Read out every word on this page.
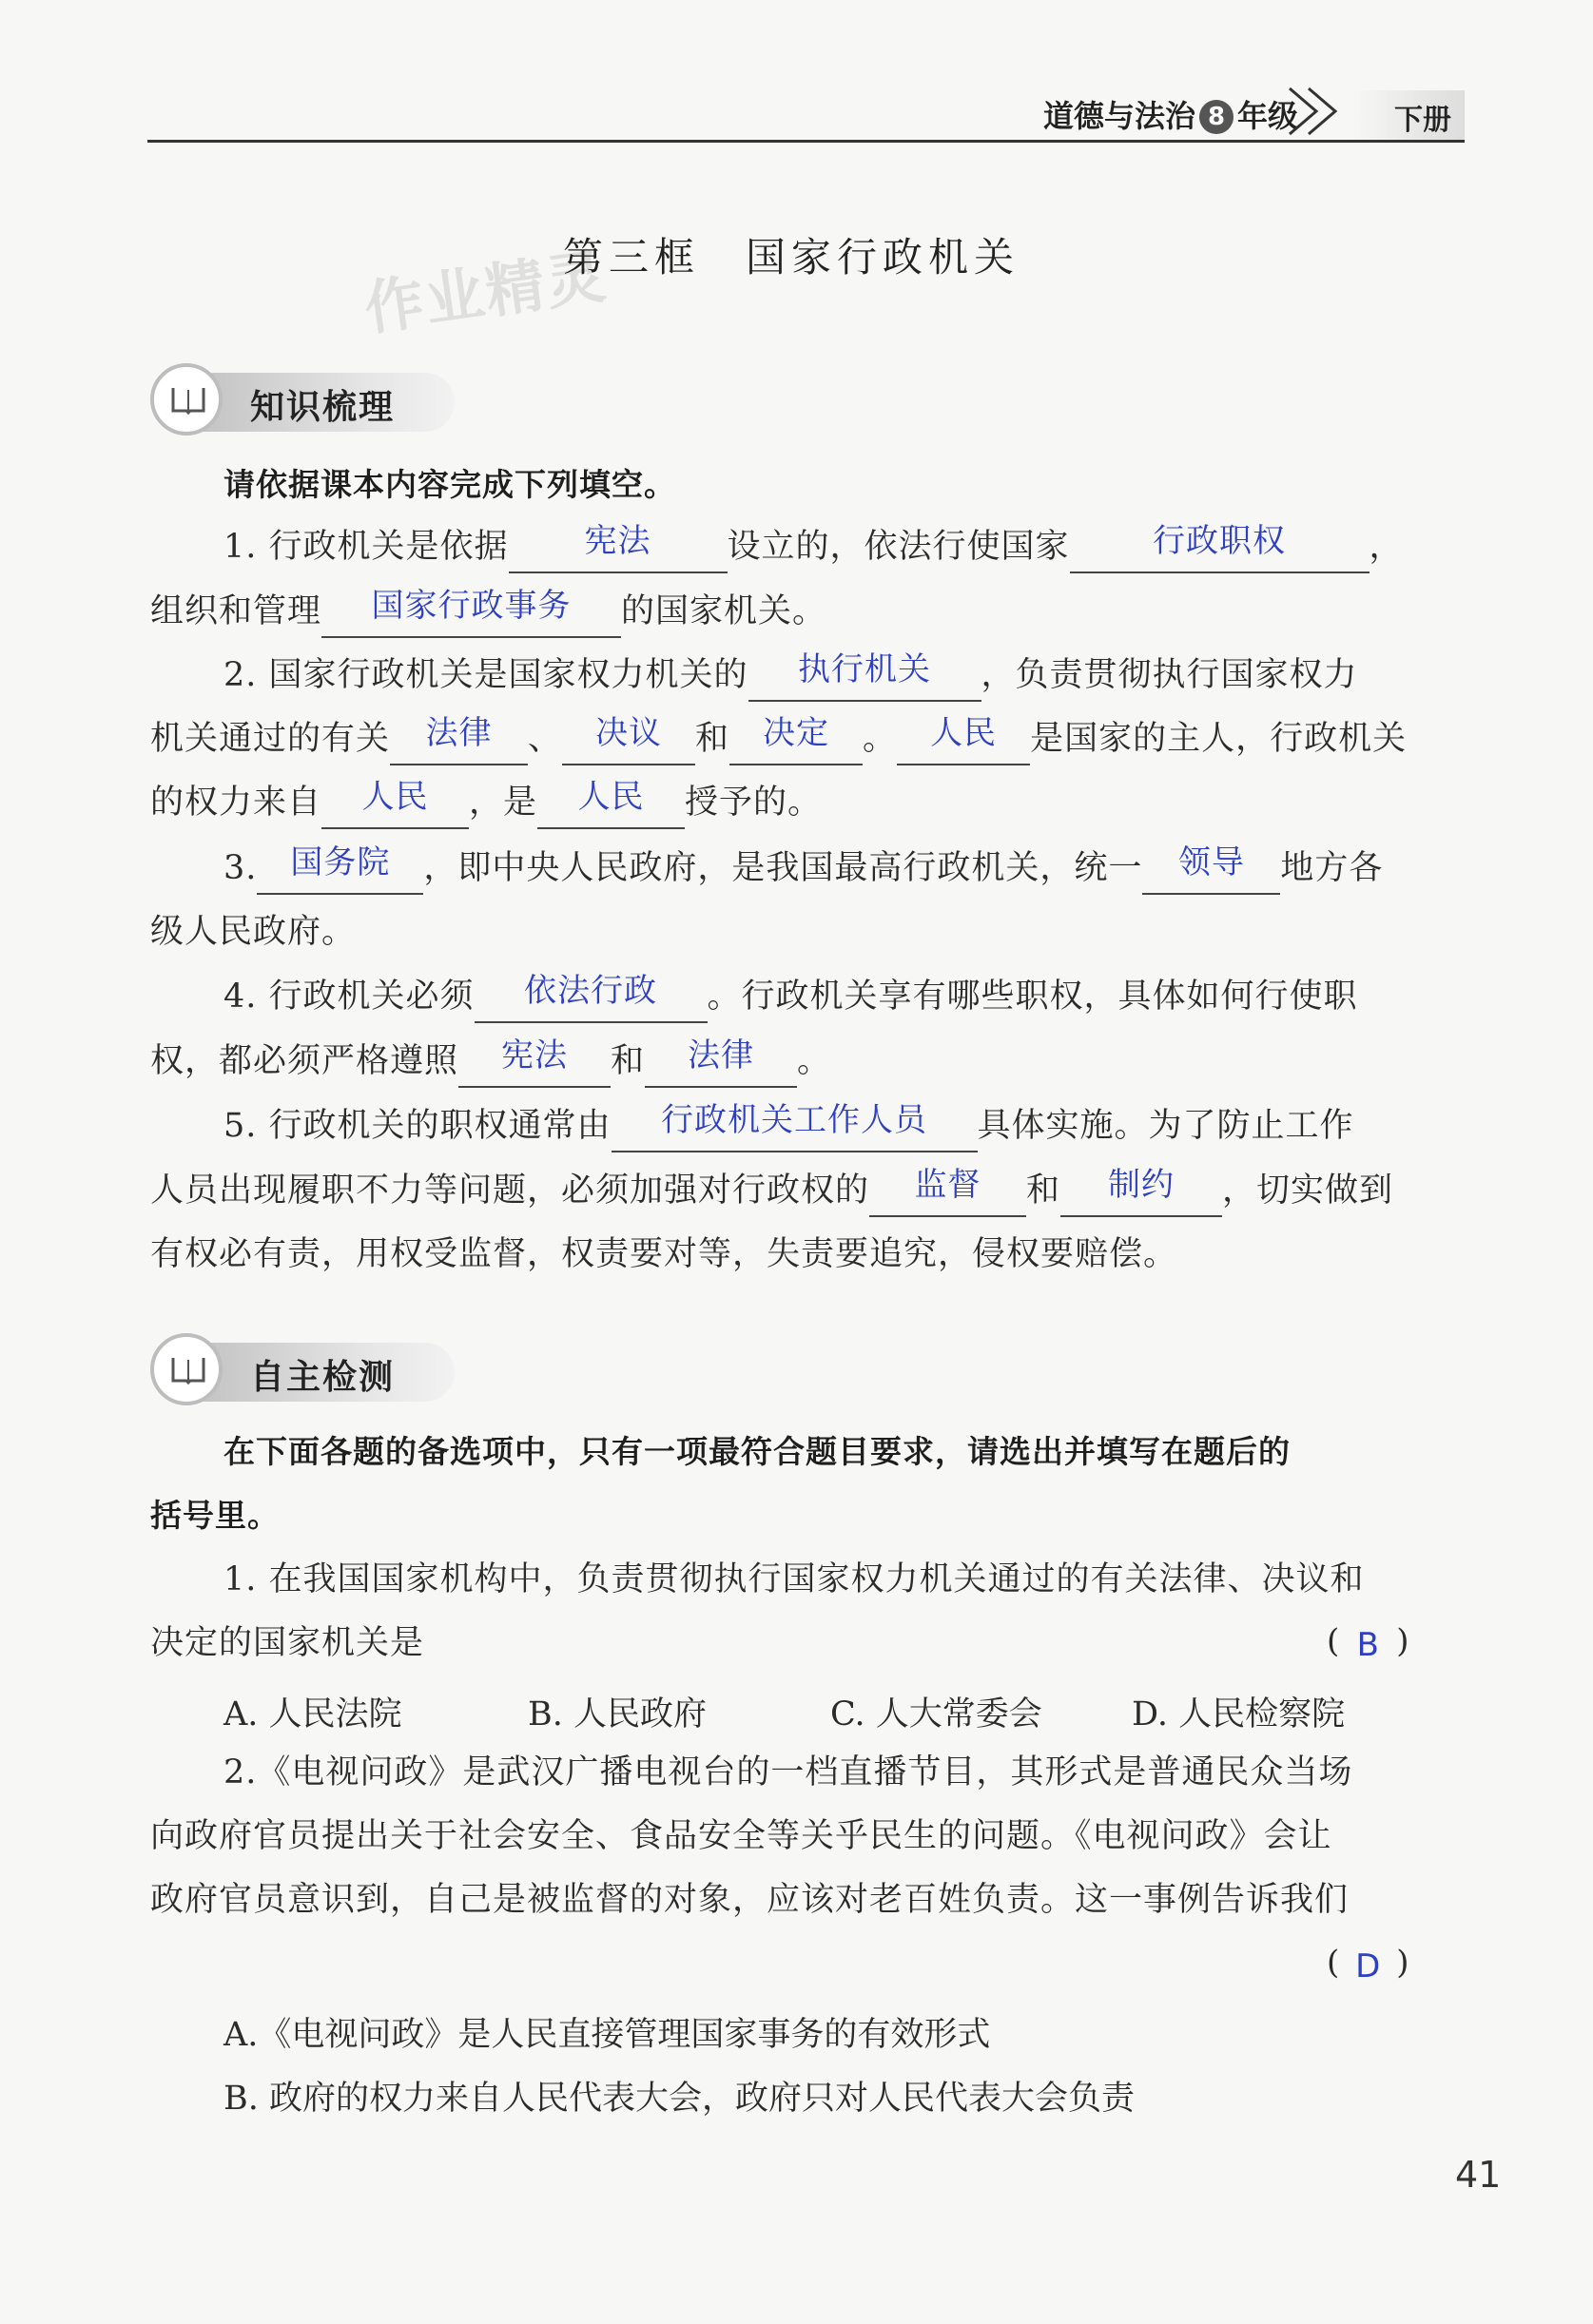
道德与法治 8 年级	下册
作业精灵
第三框　国家行政机关
知识梳理
请依据课本内容完成下列填空。
1. 行政机关是依据 宪法 设立的，依法行使国家	行政职权	，
组织和管理 国家行政事务 的国家机关。
2. 国家行政机关是国家权力机关的 执行机关 ，负责贯彻执行国家权力
机关通过的有关 法律 、 决议 和 决定 。 人民 是国家的主人，行政机关
的权力来自 人民 ，是 人民 授予的。
3. 国务院 ，即中央人民政府，是我国最高行政机关，统一 领导 地方各
级人民政府。
4. 行政机关必须 依法行政 。行政机关享有哪些职权，具体如何行使职
权，都必须严格遵照 宪法 和 法律 。
5. 行政机关的职权通常由 行政机关工作人员 具体实施。为了防止工作
人员出现履职不力等问题，必须加强对行政权的 监督 和 制约 ，切实做到
有权必有责，用权受监督，权责要对等，失责要追究，侵权要赔偿。
自主检测
在下面各题的备选项中，只有一项最符合题目要求，请选出并填写在题后的
括号里。
1. 在我国国家机构中，负责贯彻执行国家权力机关通过的有关法律、决议和
决定的国家机关是	( B )
A. 人民法院	B. 人民政府	C. 人大常委会	D. 人民检察院
2.《电视问政》是武汉广播电视台的一档直播节目，其形式是普通民众当场
向政府官员提出关于社会安全、食品安全等关乎民生的问题。《电视问政》会让
政府官员意识到，自己是被监督的对象，应该对老百姓负责。这一事例告诉我们
( D )
A.《电视问政》是人民直接管理国家事务的有效形式
B. 政府的权力来自人民代表大会，政府只对人民代表大会负责
41
